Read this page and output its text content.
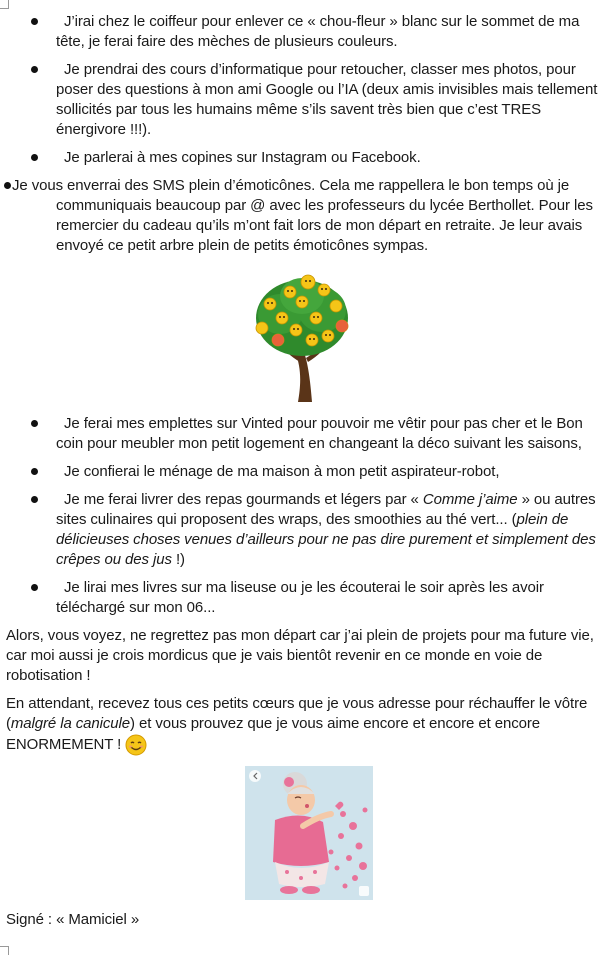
J’irai chez le coiffeur pour enlever ce « chou-fleur » blanc sur le sommet de ma tête, je ferai faire des mèches de plusieurs couleurs.
Je prendrai des cours d’informatique pour retoucher, classer mes photos, pour poser des questions à mon ami Google ou l’IA (deux amis invisibles mais tellement sollicités par tous les humains même s’ils savent très bien que c’est TRES énergivore !!!).
Je parlerai à mes copines sur Instagram ou Facebook.
Je vous enverrai des SMS plein d’émoticônes. Cela me rappellera le bon temps où je communiquais beaucoup par @ avec les professeurs du lycée Berthollet. Pour les remercier du cadeau qu’ils m’ont fait lors de mon départ en retraite. Je leur avais envoyé ce petit arbre plein de petits émoticônes sympas.
Je ferai mes emplettes sur Vinted pour pouvoir me vêtir pour pas cher et le Bon coin pour meubler mon petit logement en changeant la déco suivant les saisons,
Je confierai le ménage de ma maison à mon petit aspirateur-robot,
Je me ferai livrer des repas gourmands et légers par « Comme j’aime » ou autres sites culinaires qui proposent des wraps, des smoothies au thé vert... (plein de délicieuses choses venues d’ailleurs pour ne pas dire purement et simplement des crêpes ou des jus !)
Je lirai mes livres sur ma liseuse ou je les écouterai le soir après les avoir téléchargé sur mon 06...
Alors, vous voyez, ne regrettez pas mon départ car j’ai plein de projets pour ma future vie, car moi aussi je crois mordicus que je vais bientôt revenir en ce monde en voie de robotisation !
En attendant, recevez tous ces petits cœurs que je vous adresse pour réchauffer le vôtre (malgré la canicule) et vous prouvez que je vous aime encore et encore et encore ENORMEMENT !
Signé : « Mamiciel »
